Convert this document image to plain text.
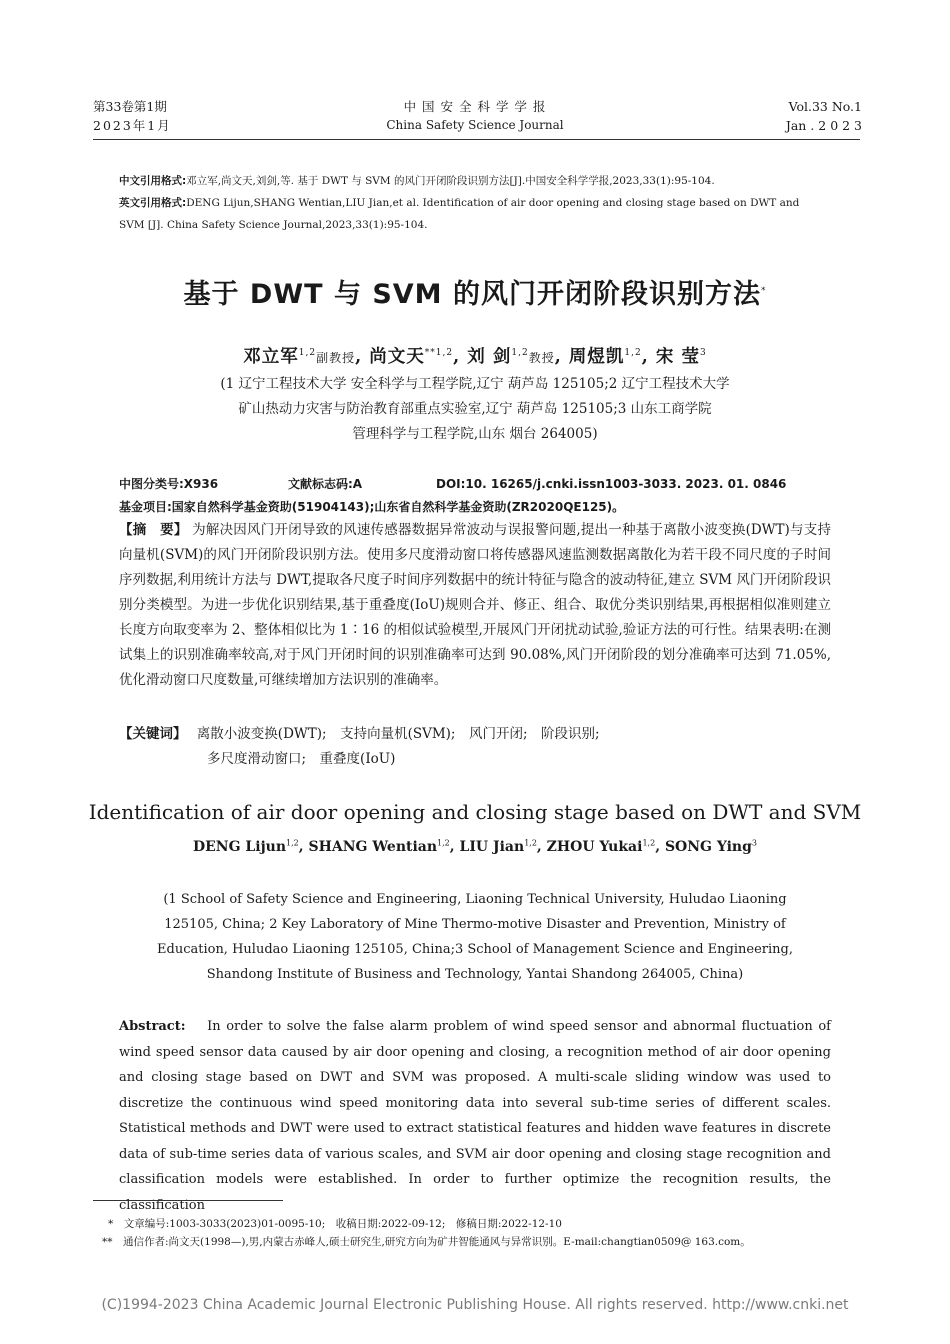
第33卷第1期
2023年1月
中 国 安 全 科 学 学 报
China Safety Science Journal
Vol.33 No.1
Jan . 2 0 2 3
中文引用格式:邓立军,尚文天,刘剑,等. 基于 DWT 与 SVM 的风门开闭阶段识别方法[J].中国安全科学学报,2023,33(1):95-104.
英文引用格式:DENG Lijun,SHANG Wentian,LIU Jian,et al. Identification of air door opening and closing stage based on DWT and
SVM [J]. China Safety Science Journal,2023,33(1):95-104.
基于 DWT 与 SVM 的风门开闭阶段识别方法*
邓立军$^{1,2}$副教授, 尚文天$^{**1,2}$, 刘 剑$^{1,2}$教授, 周煜凯$^{1,2}$, 宋 莹$^3$
(1 辽宁工程技术大学 安全科学与工程学院,辽宁 葫芦岛 125105;2 辽宁工程技术大学
矿山热动力灾害与防治教育部重点实验室,辽宁 葫芦岛 125105;3 山东工商学院
管理科学与工程学院,山东 烟台 264005)
中图分类号:X936	文献标志码:A	DOI:10. 16265/j.cnki.issn1003-3033. 2023. 01. 0846
基金项目:国家自然科学基金资助(51904143);山东省自然科学基金资助(ZR2020QE125)。
【摘　要】 为解决因风门开闭导致的风速传感器数据异常波动与误报警问题,提出一种基于离散小波变换(DWT)与支持向量机(SVM)的风门开闭阶段识别方法。使用多尺度滑动窗口将传感器风速监测数据离散化为若干段不同尺度的子时间序列数据,利用统计方法与 DWT,提取各尺度子时间序列数据中的统计特征与隐含的波动特征,建立 SVM 风门开闭阶段识别分类模型。为进一步优化识别结果,基于重叠度(IoU)规则合并、修正、组合、取优分类识别结果,再根据相似准则建立长度方向取变率为 2、整体相似比为 1∶16 的相似试验模型,开展风门开闭扰动试验,验证方法的可行性。结果表明:在测试集上的识别准确率较高,对于风门开闭时间的识别准确率可达到 90.08%,风门开闭阶段的划分准确率可达到 71.05%,优化滑动窗口尺度数量,可继续增加方法识别的准确率。
【关键词】 离散小波变换(DWT);　支持向量机(SVM);　风门开闭;　阶段识别;
多尺度滑动窗口;　重叠度(IoU)
Identification of air door opening and closing stage based on DWT and SVM
DENG Lijun$^{1,2}$, SHANG Wentian$^{1,2}$, LIU Jian$^{1,2}$, ZHOU Yukai$^{1,2}$, SONG Ying$^3$
(1 School of Safety Science and Engineering, Liaoning Technical University, Huludao Liaoning
125105, China; 2 Key Laboratory of Mine Thermo-motive Disaster and Prevention, Ministry of
Education, Huludao Liaoning 125105, China;3 School of Management Science and Engineering,
Shandong Institute of Business and Technology, Yantai Shandong 264005, China)
Abstract: In order to solve the false alarm problem of wind speed sensor and abnormal fluctuation of wind speed sensor data caused by air door opening and closing, a recognition method of air door opening and closing stage based on DWT and SVM was proposed. A multi-scale sliding window was used to discretize the continuous wind speed monitoring data into several sub-time series of different scales. Statistical methods and DWT were used to extract statistical features and hidden wave features in discrete data of sub-time series data of various scales, and SVM air door opening and closing stage recognition and classification models were established. In order to further optimize the recognition results, the classification
*　文章编号:1003-3033(2023)01-0095-10;　收稿日期:2022-09-12;　修稿日期:2022-12-10
**　通信作者:尚文天(1998—),男,内蒙古赤峰人,硕士研究生,研究方向为矿井智能通风与异常识别。E-mail:changtian0509@ 163.com。
(C)1994-2023 China Academic Journal Electronic Publishing House. All rights reserved. http://www.cnki.net
